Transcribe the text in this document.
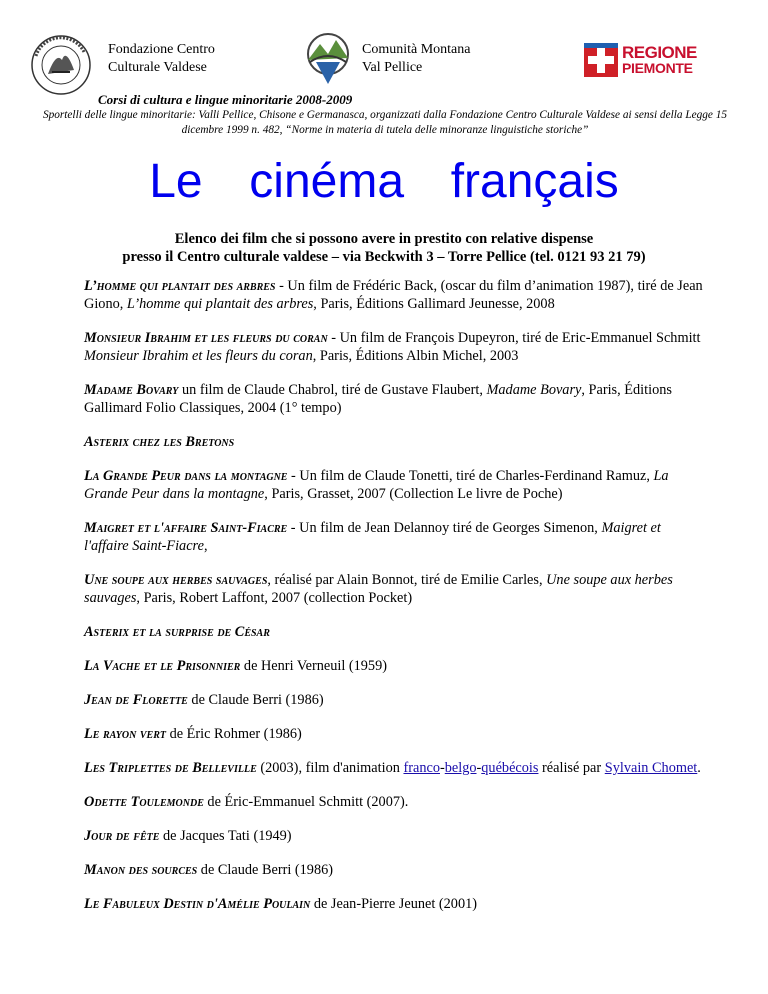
Fondazione Centro
Culturale Valdese
Comunità Montana
Val Pellice
REGIONE
PIEMONTE
Corsi di cultura e lingue minoritarie 2008-2009
Sportelli delle lingue minoritarie: Valli Pellice, Chisone e Germanasca, organizzati dalla Fondazione Centro Culturale Valdese ai sensi della Legge 15 dicembre 1999 n. 482, “Norme in materia di tutela delle minoranze linguistiche storiche”
Le  cinéma  français
Elenco dei film che si possono avere in prestito con relative dispense
presso il Centro culturale valdese – via Beckwith 3 – Torre Pellice (tel. 0121 93 21 79)

L’homme qui plantait des arbres - Un film de Frédéric Back, (oscar du film d’animation 1987), tiré de Jean Giono, L’homme qui plantait des arbres, Paris, Éditions Gallimard Jeunesse, 2008

Monsieur Ibrahim et les fleurs du coran - Un film de François Dupeyron, tiré de Eric-Emmanuel Schmitt Monsieur Ibrahim et les fleurs du coran, Paris, Éditions Albin Michel, 2003

Madame Bovary un film de Claude Chabrol, tiré de Gustave Flaubert, Madame Bovary, Paris, Éditions Gallimard Folio Classiques, 2004 (1° tempo)

Asterix chez les Bretons

La Grande Peur dans la montagne - Un film de Claude Tonetti, tiré de Charles-Ferdinand Ramuz, La Grande Peur dans la montagne, Paris, Grasset, 2007 (Collection Le livre de Poche)

Maigret et l'affaire Saint-Fiacre - Un film de Jean Delannoy tiré de Georges Simenon, Maigret et l'affaire Saint-Fiacre,

Une soupe aux herbes sauvages, réalisé par Alain Bonnot, tiré de Emilie Carles, Une soupe aux herbes sauvages, Paris, Robert Laffont, 2007 (collection Pocket)

Asterix et la surprise de César

La Vache et le Prisonnier de Henri Verneuil (1959)

Jean de Florette de Claude Berri (1986)

Le rayon vert de Éric Rohmer (1986)

Les Triplettes de Belleville (2003), film d'animation franco-belgo-québécois réalisé par Sylvain Chomet.

Odette Toulemonde de Éric-Emmanuel Schmitt (2007).

Jour de fête de Jacques Tati (1949)

Manon des sources de Claude Berri (1986)

Le Fabuleux Destin d'Amélie Poulain de Jean-Pierre Jeunet (2001)
